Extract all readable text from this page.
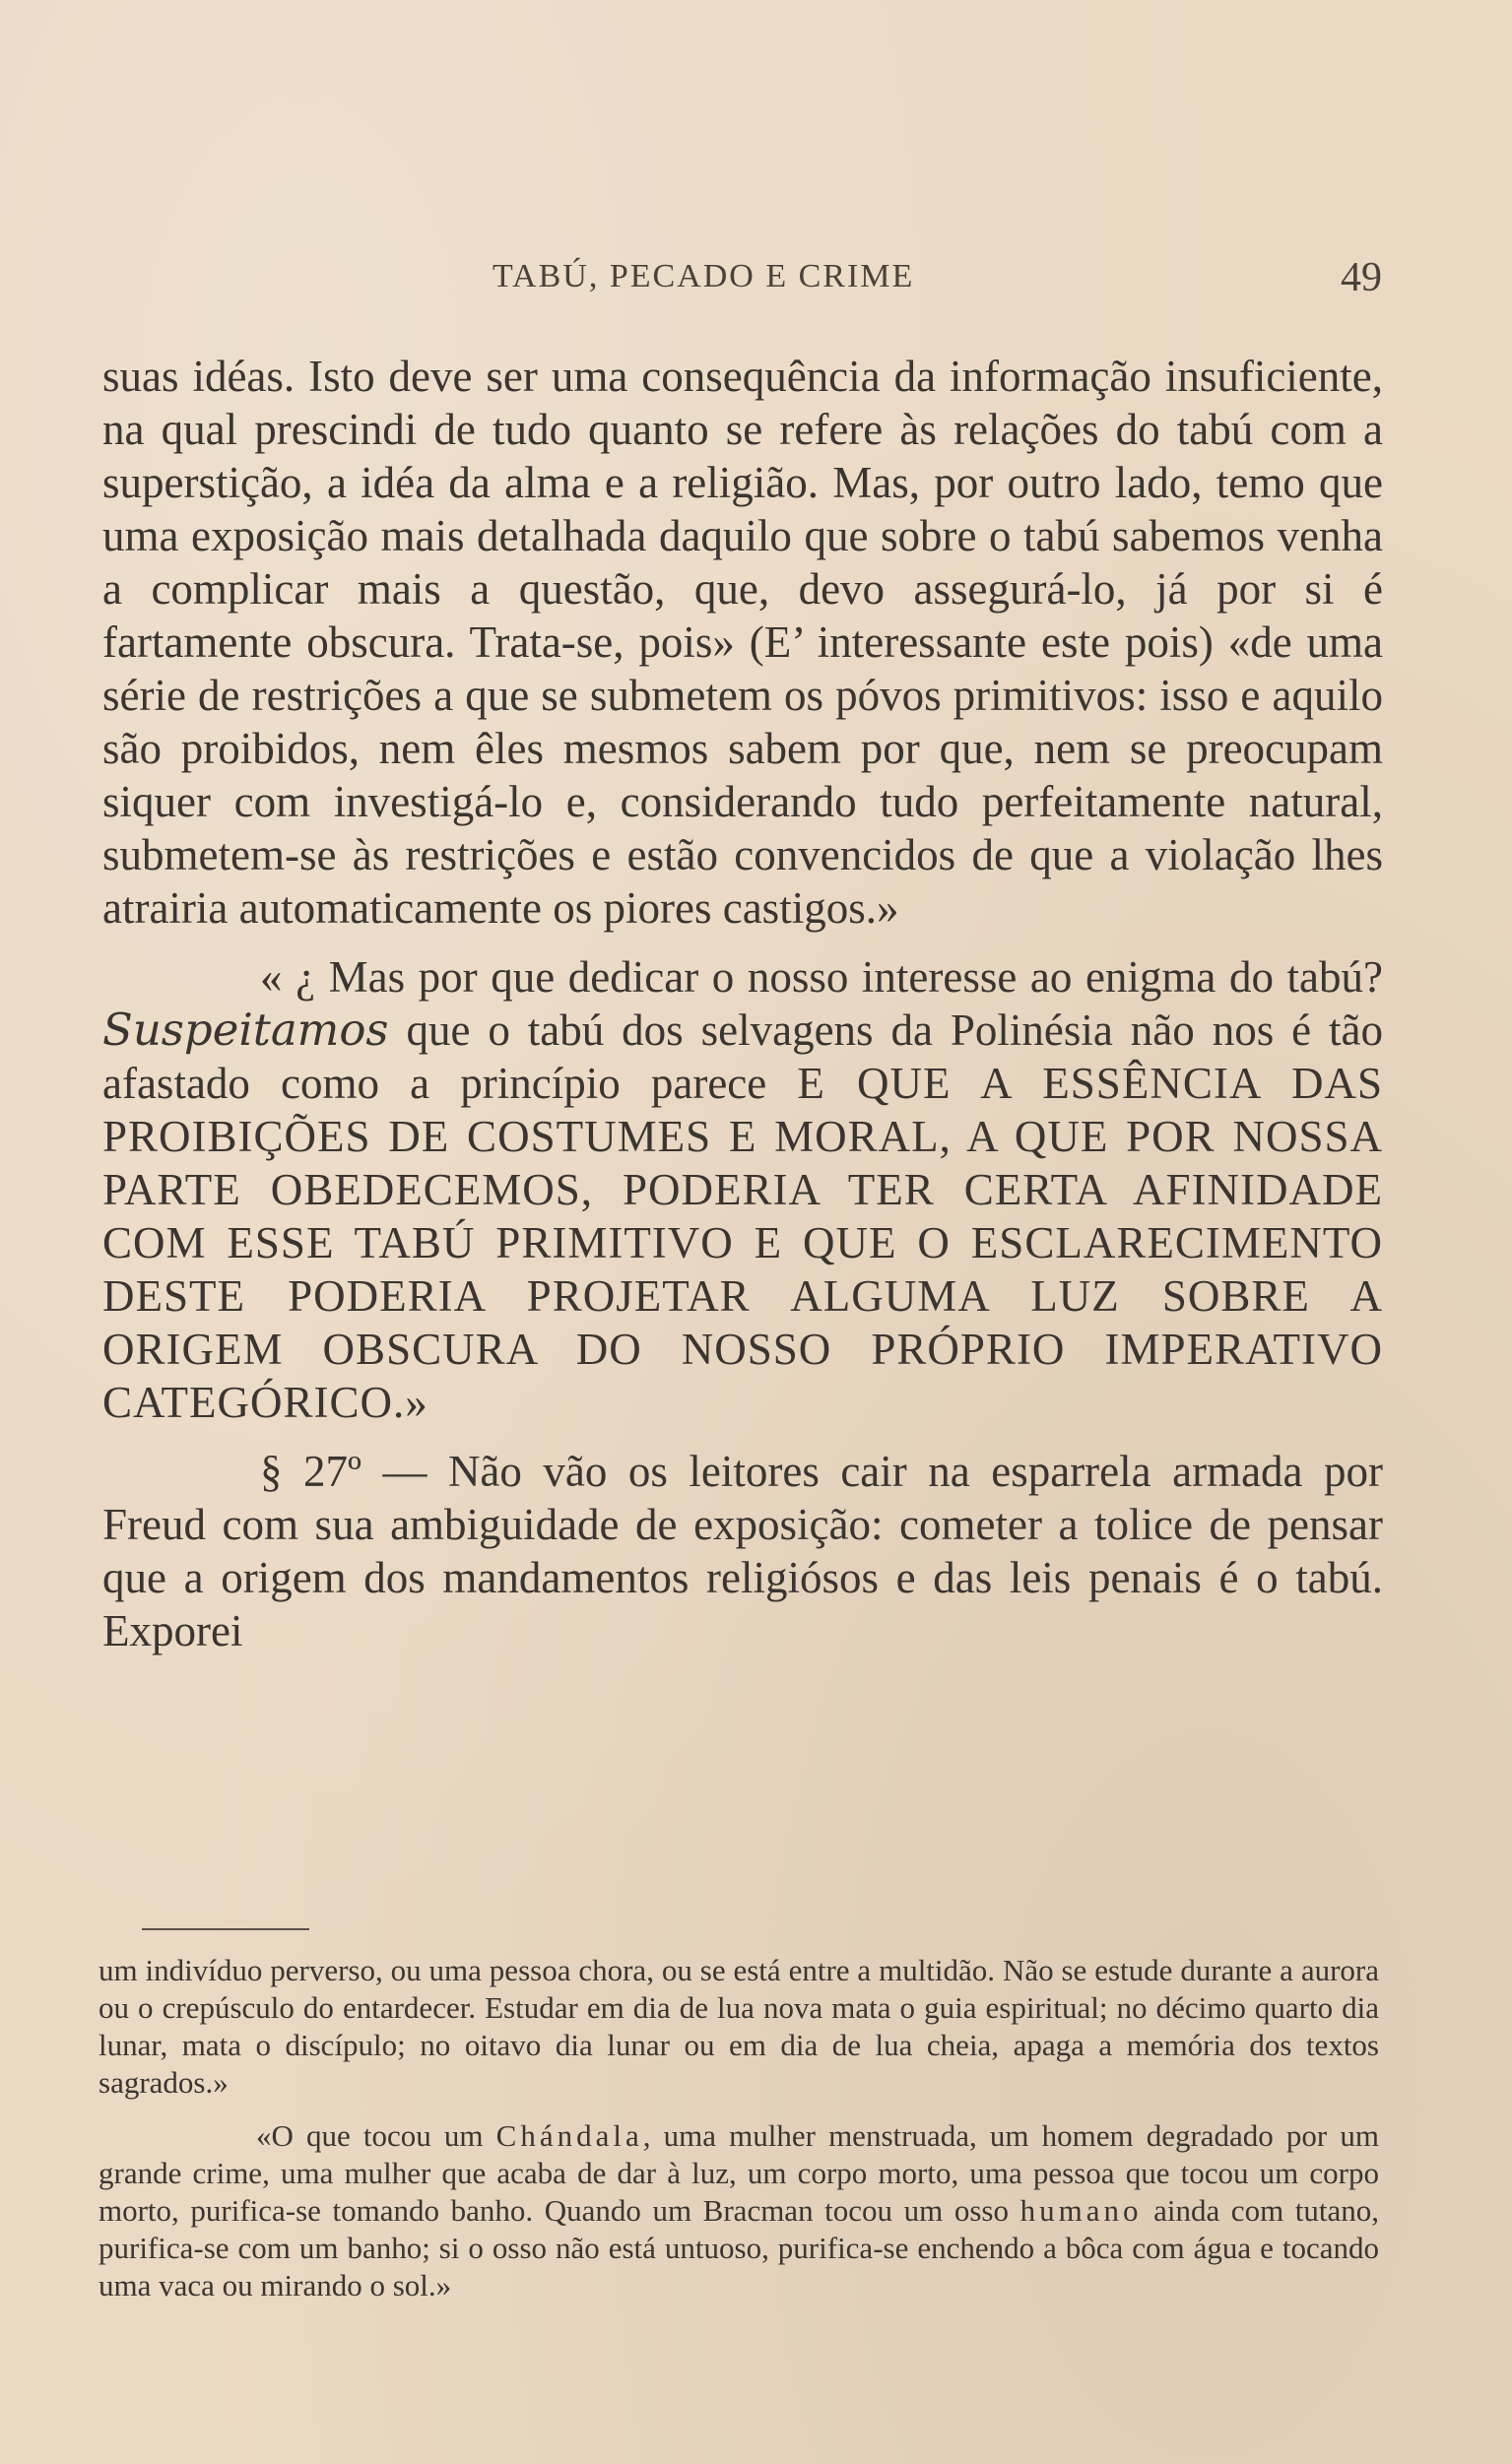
TABÚ, PECADO E CRIME	49

suas idéas. Isto deve ser uma consequência da informação insuficiente, na qual prescindi de tudo quanto se refere às relações do tabú com a superstição, a idéa da alma e a religião. Mas, por outro lado, temo que uma exposição mais detalhada daquilo que sobre o tabú sabemos venha a complicar mais a questão, que, devo assegurá-lo, já por si é fartamente obscura. Trata-se, pois» (E’ interessante este pois) «de uma série de restrições a que se submetem os póvos primitivos: isso e aquilo são proibidos, nem êles mesmos sabem por que, nem se preocupam siquer com investigá-lo e, considerando tudo perfeitamente natural, submetem-se às restrições e estão convencidos de que a violação lhes atrairia automaticamente os piores castigos.»

« ¿ Mas por que dedicar o nosso interesse ao enigma do tabú? Suspeitamos que o tabú dos selvagens da Polinésia não nos é tão afastado como a princípio parece E QUE A ESSÊNCIA DAS PROIBIÇÕES DE COSTUMES E MORAL, A QUE POR NOSSA PARTE OBEDECEMOS, PODERIA TER CERTA AFINIDADE COM ESSE TABÚ PRIMITIVO E QUE O ESCLARECIMENTO DESTE PODERIA PROJETAR ALGUMA LUZ SOBRE A ORIGEM OBSCURA DO NOSSO PRÓPRIO IMPERATIVO CATEGÓRICO.»

§ 27º — Não vão os leitores cair na esparrela armada por Freud com sua ambiguidade de exposição: cometer a tolice de pensar que a origem dos mandamentos religiósos e das leis penais é o tabú. Exporei

um indivíduo perverso, ou uma pessoa chora, ou se está entre a multidão. Não se estude durante a aurora ou o crepúsculo do entardecer. Estudar em dia de lua nova mata o guia espiritual; no décimo quarto dia lunar, mata o discípulo; no oitavo dia lunar ou em dia de lua cheia, apaga a memória dos textos sagrados.»

«O que tocou um Chándala, uma mulher menstruada, um homem degradado por um grande crime, uma mulher que acaba de dar à luz, um corpo morto, uma pessoa que tocou um corpo morto, purifica-se tomando banho. Quando um Bracman tocou um osso humano ainda com tutano, purifica-se com um banho; si o osso não está untuoso, purifica-se enchendo a bôca com água e tocando uma vaca ou mirando o sol.»
